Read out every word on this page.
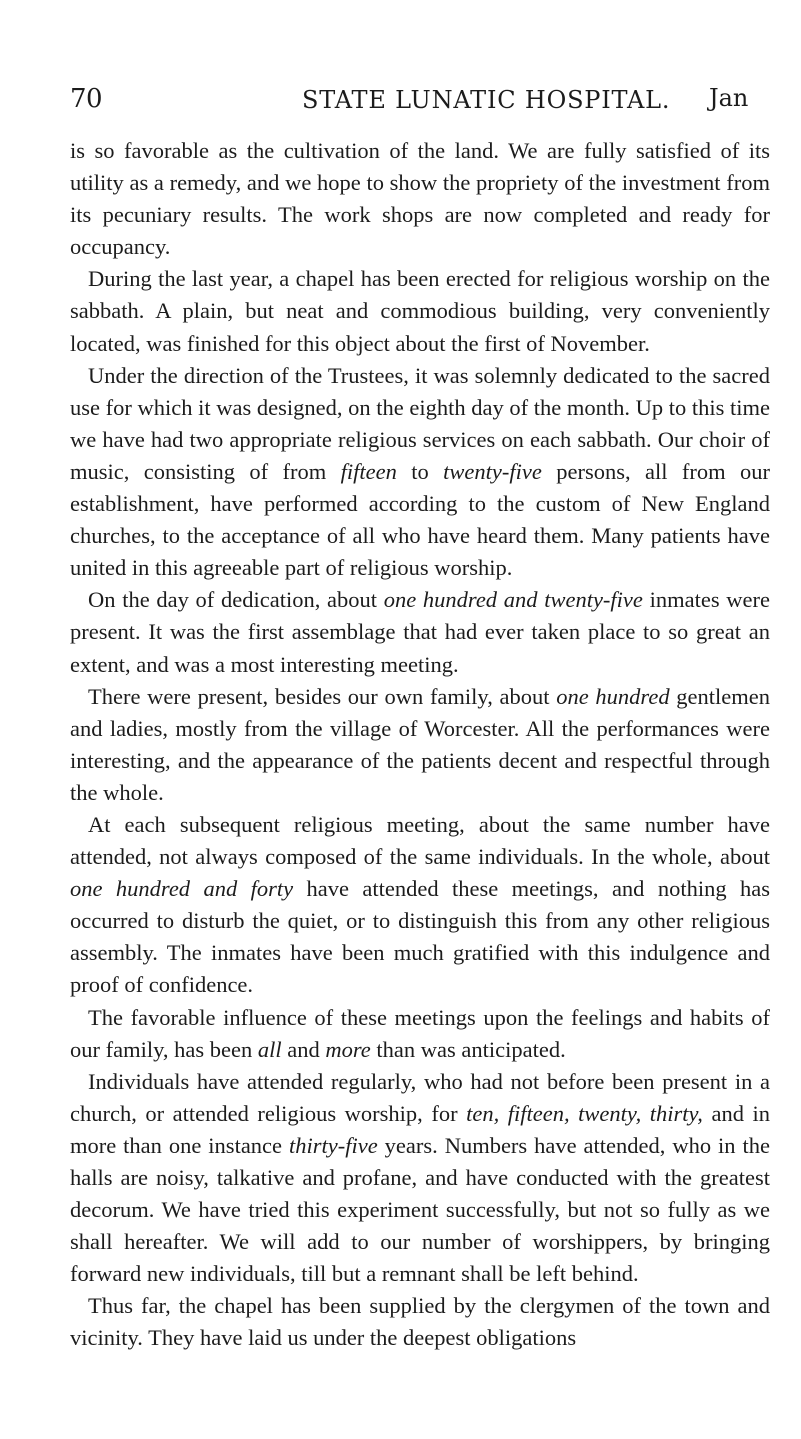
70	STATE LUNATIC HOSPITAL. Jan

is so favorable as the cultivation of the land. We are fully satisfied of its utility as a remedy, and we hope to show the propriety of the investment from its pecuniary results. The work shops are now completed and ready for occupancy.

During the last year, a chapel has been erected for religious worship on the sabbath. A plain, but neat and commodious building, very conveniently located, was finished for this object about the first of November.

Under the direction of the Trustees, it was solemnly dedicated to the sacred use for which it was designed, on the eighth day of the month. Up to this time we have had two appropriate religious services on each sabbath. Our choir of music, consisting of from fifteen to twenty-five persons, all from our establishment, have performed according to the custom of New England churches, to the acceptance of all who have heard them. Many patients have united in this agreeable part of religious worship.

On the day of dedication, about one hundred and twenty-five inmates were present. It was the first assemblage that had ever taken place to so great an extent, and was a most interesting meeting.

There were present, besides our own family, about one hundred gentlemen and ladies, mostly from the village of Worcester. All the performances were interesting, and the appearance of the patients decent and respectful through the whole.

At each subsequent religious meeting, about the same number have attended, not always composed of the same individuals. In the whole, about one hundred and forty have attended these meetings, and nothing has occurred to disturb the quiet, or to distinguish this from any other religious assembly. The inmates have been much gratified with this indulgence and proof of confidence.

The favorable influence of these meetings upon the feelings and habits of our family, has been all and more than was anticipated.

Individuals have attended regularly, who had not before been present in a church, or attended religious worship, for ten, fifteen, twenty, thirty, and in more than one instance thirty-five years. Numbers have attended, who in the halls are noisy, talkative and profane, and have conducted with the greatest decorum. We have tried this experiment successfully, but not so fully as we shall hereafter. We will add to our number of worshippers, by bringing forward new individuals, till but a remnant shall be left behind.

Thus far, the chapel has been supplied by the clergymen of the town and vicinity. They have laid us under the deepest obligations
